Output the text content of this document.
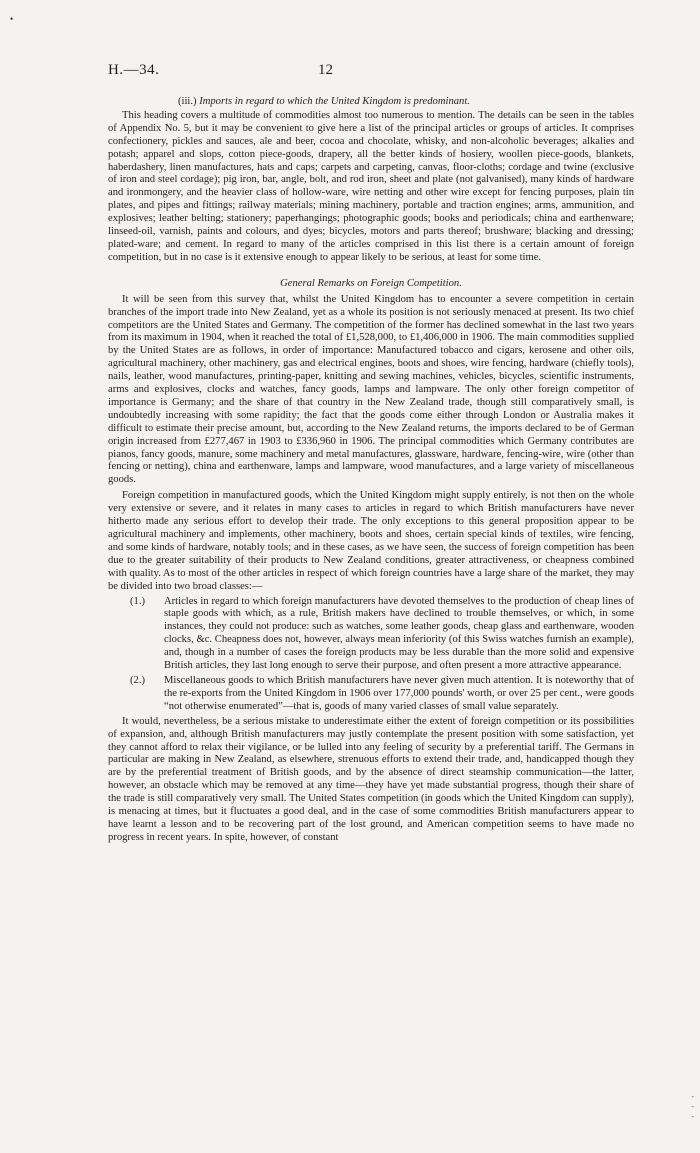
•
H.—34.	12
(iii.) Imports in regard to which the United Kingdom is predominant.

This heading covers a multitude of commodities almost too numerous to mention. The details can be seen in the tables of Appendix No. 5, but it may be convenient to give here a list of the principal articles or groups of articles. It comprises confectionery, pickles and sauces, ale and beer, cocoa and chocolate, whisky, and non-alcoholic beverages; alkalies and potash; apparel and slops, cotton piece-goods, drapery, all the better kinds of hosiery, woollen piece-goods, blankets, haberdashery, linen manufactures, hats and caps; carpets and carpeting, canvas, floor-cloths; cordage and twine (exclusive of iron and steel cordage); pig iron, bar, angle, bolt, and rod iron, sheet and plate (not galvanised), many kinds of hardware and ironmongery, and the heavier class of hollow-ware, wire netting and other wire except for fencing purposes, plain tin plates, and pipes and fittings; railway materials; mining machinery, portable and traction engines; arms, ammunition, and explosives; leather belting; stationery; paperhangings; photographic goods; books and periodicals; china and earthenware; linseed-oil, varnish, paints and colours, and dyes; bicycles, motors and parts thereof; brushware; blacking and dressing; plated-ware; and cement. In regard to many of the articles comprised in this list there is a certain amount of foreign competition, but in no case is it extensive enough to appear likely to be serious, at least for some time.

General Remarks on Foreign Competition.

It will be seen from this survey that, whilst the United Kingdom has to encounter a severe competition in certain branches of the import trade into New Zealand, yet as a whole its position is not seriously menaced at present. Its two chief competitors are the United States and Germany. The competition of the former has declined somewhat in the last two years from its maximum in 1904, when it reached the total of £1,528,000, to £1,406,000 in 1906. The main commodities supplied by the United States are as follows, in order of importance: Manufactured tobacco and cigars, kerosene and other oils, agricultural machinery, other machinery, gas and electrical engines, boots and shoes, wire fencing, hardware (chiefly tools), nails, leather, wood manufactures, printing-paper, knitting and sewing machines, vehicles, bicycles, scientific instruments, arms and explosives, clocks and watches, fancy goods, lamps and lampware. The only other foreign competitor of importance is Germany; and the share of that country in the New Zealand trade, though still comparatively small, is undoubtedly increasing with some rapidity; the fact that the goods come either through London or Australia makes it difficult to estimate their precise amount, but, according to the New Zealand returns, the imports declared to be of German origin increased from £277,467 in 1903 to £336,960 in 1906. The principal commodities which Germany contributes are pianos, fancy goods, manure, some machinery and metal manufactures, glassware, hardware, fencing-wire, wire (other than fencing or netting), china and earthenware, lamps and lampware, wood manufactures, and a large variety of miscellaneous goods.

Foreign competition in manufactured goods, which the United Kingdom might supply entirely, is not then on the whole very extensive or severe, and it relates in many cases to articles in regard to which British manufacturers have never hitherto made any serious effort to develop their trade. The only exceptions to this general proposition appear to be agricultural machinery and implements, other machinery, boots and shoes, certain special kinds of textiles, wire fencing, and some kinds of hardware, notably tools; and in these cases, as we have seen, the success of foreign competition has been due to the greater suitability of their products to New Zealand conditions, greater attractiveness, or cheapness combined with quality. As to most of the other articles in respect of which foreign countries have a large share of the market, they may be divided into two broad classes:—

(1.) Articles in regard to which foreign manufacturers have devoted themselves to the production of cheap lines of staple goods with which, as a rule, British makers have declined to trouble themselves, or which, in some instances, they could not produce: such as watches, some leather goods, cheap glass and earthenware, wooden clocks, &c. Cheapness does not, however, always mean inferiority (of this Swiss watches furnish an example), and, though in a number of cases the foreign products may be less durable than the more solid and expensive British articles, they last long enough to serve their purpose, and often present a more attractive appearance.
(2.) Miscellaneous goods to which British manufacturers have never given much attention. It is noteworthy that of the re-exports from the United Kingdom in 1906 over 177,000 pounds' worth, or over 25 per cent., were goods “not otherwise enumerated”—that is, goods of many varied classes of small value separately.

It would, nevertheless, be a serious mistake to underestimate either the extent of foreign competition or its possibilities of expansion, and, although British manufacturers may justly contemplate the present position with some satisfaction, yet they cannot afford to relax their vigilance, or be lulled into any feeling of security by a preferential tariff. The Germans in particular are making in New Zealand, as elsewhere, strenuous efforts to extend their trade, and, handicapped though they are by the preferential treatment of British goods, and by the absence of direct steamship communication—the latter, however, an obstacle which may be removed at any time—they have yet made substantial progress, though their share of the trade is still comparatively very small. The United States competition (in goods which the United Kingdom can supply), is menacing at times, but it fluctuates a good deal, and in the case of some commodities British manufacturers appear to have learnt a lesson and to be recovering part of the lost ground, and American competition seems to have made no progress in recent years. In spite, however, of constant

-
-
-
